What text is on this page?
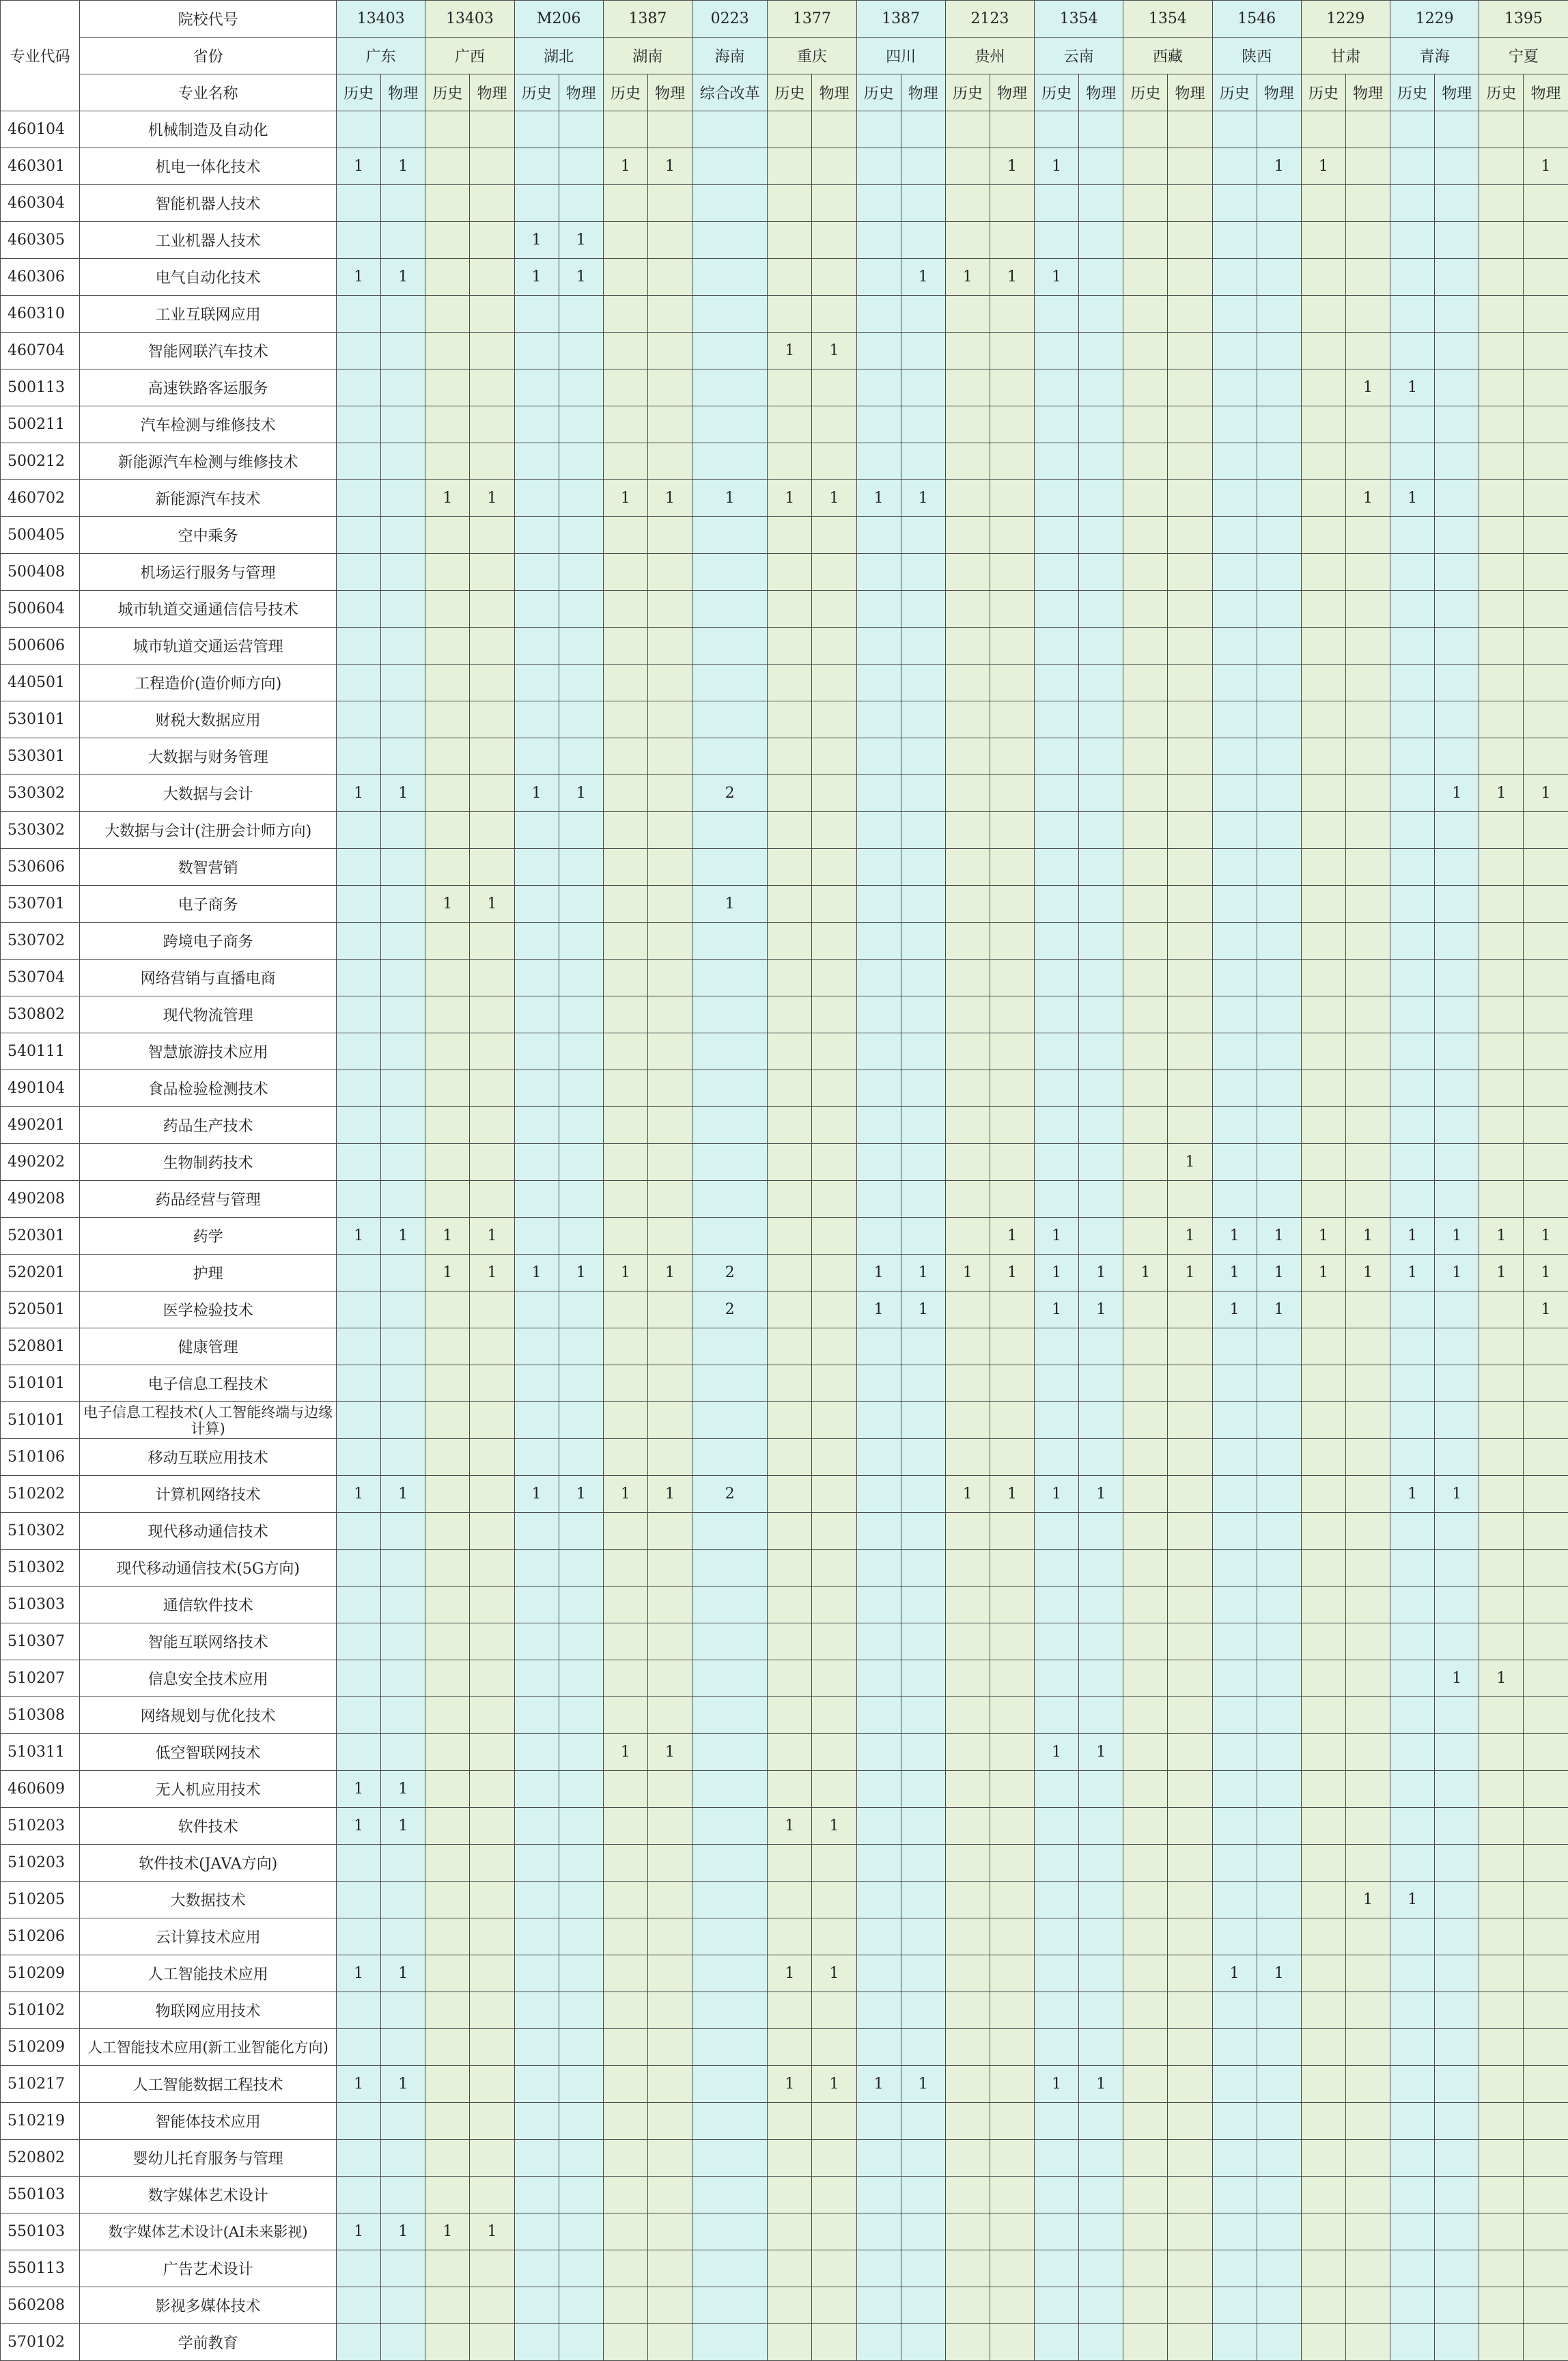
专业代码	院校代号	13403		13403		M206		1387		0223	1377		1387		2123		1354		1354		1546		1229		1229		1395		
	省份	广东		广西		湖北		湖南		海南	重庆		四川		贵州		云南		西藏		陕西		甘肃		青海		宁夏		
	专业名称	历史	物理	历史	物理	历史	物理	历史	物理	综合改革	历史	物理	历史	物理	历史	物理	历史	物理	历史	物理	历史	物理	历史	物理	历史	物理	历史	物理	
460104	机械制造及自动化																												
460301	机电一体化技术	1	1					1	1							1	1					1	1					1	
460304	智能机器人技术																												
460305	工业机器人技术					1	1																						
460306	电气自动化技术	1	1			1	1							1	1	1	1												
460310	工业互联网应用																												
460704	智能网联汽车技术										1	1																	
500113	高速铁路客运服务																							1	1				
500211	汽车检测与维修技术																												
500212	新能源汽车检测与维修技术																												
460702	新能源汽车技术			1	1			1	1	1	1	1	1	1										1	1				
500405	空中乘务																												
500408	机场运行服务与管理																												
500604	城市轨道交通通信信号技术																												
500606	城市轨道交通运营管理																												
440501	工程造价(造价师方向)																												
530101	财税大数据应用																												
530301	大数据与财务管理																												
530302	大数据与会计	1	1			1	1			2																1	1	1	
530302	大数据与会计(注册会计师方向)																												
530606	数智营销																												
530701	电子商务			1	1					1																			
530702	跨境电子商务																												
530704	网络营销与直播电商																												
530802	现代物流管理																												
540111	智慧旅游技术应用																												
490104	食品检验检测技术																												
490201	药品生产技术																												
490202	生物制药技术																			1									
490208	药品经营与管理																												
520301	药学	1	1	1	1											1	1			1	1	1	1	1	1	1	1	1	
520201	护理			1	1	1	1	1	1	2			1	1	1	1	1	1	1	1	1	1	1	1	1	1	1	1	
520501	医学检验技术									2			1	1			1	1			1	1						1	
520801	健康管理																												
510101	电子信息工程技术																												
510101	电子信息工程技术(人工智能终端与边缘计算)																												
510106	移动互联应用技术																												
510202	计算机网络技术	1	1			1	1	1	1	2					1	1	1	1							1	1			
510302	现代移动通信技术																												
510302	现代移动通信技术(5G方向)																												
510303	通信软件技术																												
510307	智能互联网络技术																												
510207	信息安全技术应用																									1	1		
510308	网络规划与优化技术																												
510311	低空智联网技术							1	1								1	1											
460609	无人机应用技术	1	1																										
510203	软件技术	1	1								1	1																	
510203	软件技术(JAVA方向)																												
510205	大数据技术																							1	1				
510206	云计算技术应用																												
510209	人工智能技术应用	1	1								1	1									1	1							
510102	物联网应用技术																												
510209	人工智能技术应用(新工业智能化方向)																												
510217	人工智能数据工程技术	1	1								1	1	1	1			1	1											
510219	智能体技术应用																												
520802	婴幼儿托育服务与管理																												
550103	数字媒体艺术设计																												
550103	数字媒体艺术设计(AI未来影视)	1	1	1	1																								
550113	广告艺术设计																												
560208	影视多媒体技术																												
570102	学前教育																												
